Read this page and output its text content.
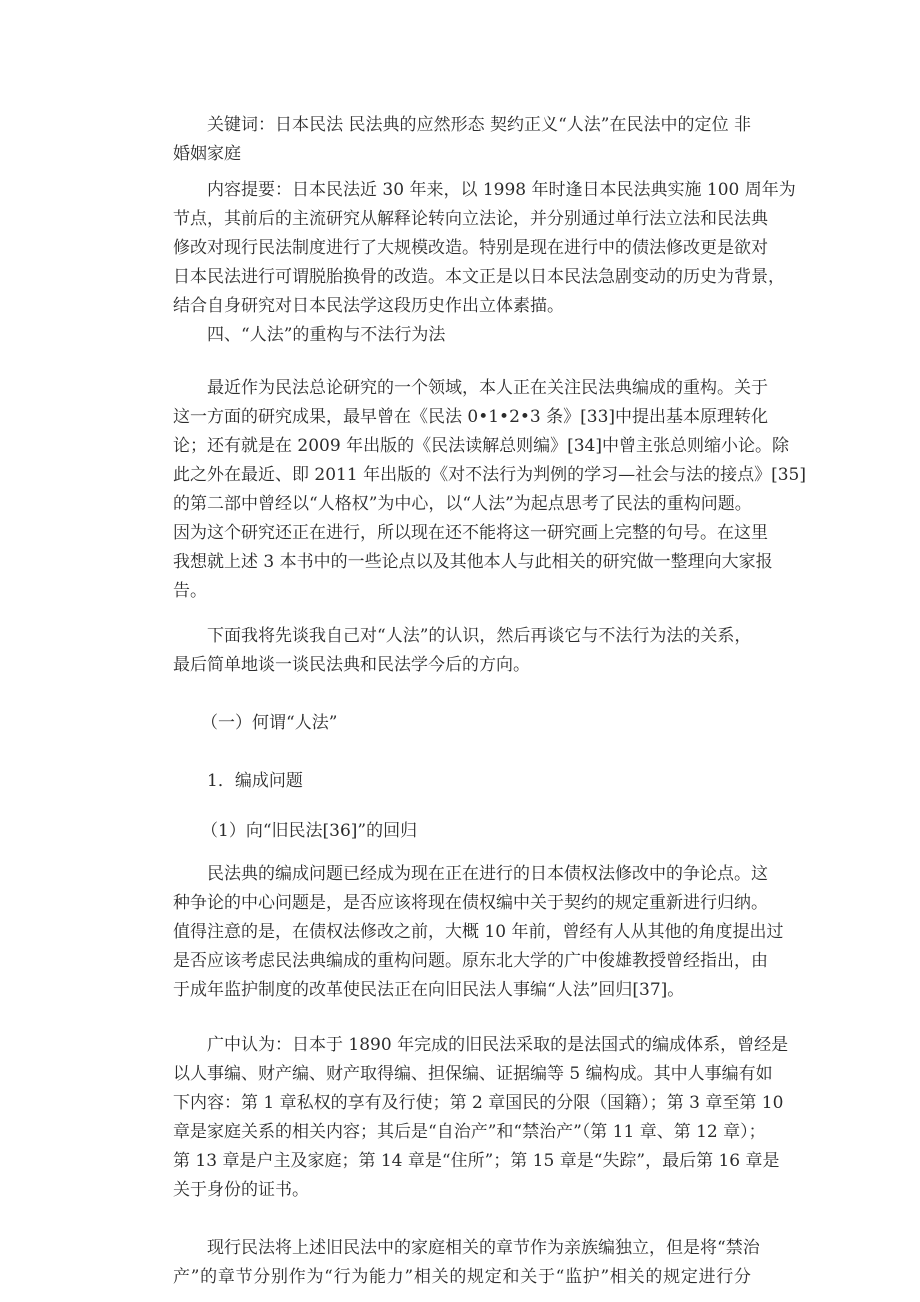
关键词：日本民法 民法典的应然形态 契约正义“人法”在民法中的定位 非
婚姻家庭
内容提要：日本民法近 30 年来，以 1998 年时逢日本民法典实施 100 周年为
节点，其前后的主流研究从解释论转向立法论，并分别通过单行法立法和民法典
修改对现行民法制度进行了大规模改造。特别是现在进行中的债法修改更是欲对
日本民法进行可谓脱胎换骨的改造。本文正是以日本民法急剧变动的历史为背景，
结合自身研究对日本民法学这段历史作出立体素描。
四、“人法”的重构与不法行为法
最近作为民法总论研究的一个领域，本人正在关注民法典编成的重构。关于
这一方面的研究成果，最早曾在《民法 0•1•2•3 条》[33]中提出基本原理转化
论；还有就是在 2009 年出版的《民法读解总则编》[34]中曾主张总则缩小论。除
此之外在最近、即 2011 年出版的《对不法行为判例的学习—社会与法的接点》[35]
的第二部中曾经以“人格权”为中心，以“人法”为起点思考了民法的重构问题。
因为这个研究还正在进行，所以现在还不能将这一研究画上完整的句号。在这里
我想就上述 3 本书中的一些论点以及其他本人与此相关的研究做一整理向大家报
告。
下面我将先谈我自己对“人法”的认识，然后再谈它与不法行为法的关系，
最后简单地谈一谈民法典和民法学今后的方向。
（一）何谓“人法”
1．编成问题
（1）向“旧民法[36]”的回归
民法典的编成问题已经成为现在正在进行的日本债权法修改中的争论点。这
种争论的中心问题是，是否应该将现在债权编中关于契约的规定重新进行归纳。
值得注意的是，在债权法修改之前，大概 10 年前，曾经有人从其他的角度提出过
是否应该考虑民法典编成的重构问题。原东北大学的广中俊雄教授曾经指出，由
于成年监护制度的改革使民法正在向旧民法人事编“人法”回归[37]。
广中认为：日本于 1890 年完成的旧民法采取的是法国式的编成体系，曾经是
以人事编、财产编、财产取得编、担保编、证据编等 5 编构成。其中人事编有如
下内容：第 1 章私权的享有及行使；第 2 章国民的分限（国籍）；第 3 章至第 10
章是家庭关系的相关内容；其后是“自治产”和“禁治产”（第 11 章、第 12 章）；
第 13 章是户主及家庭；第 14 章是“住所”；第 15 章是“失踪”，最后第 16 章是
关于身份的证书。
现行民法将上述旧民法中的家庭相关的章节作为亲族编独立，但是将“禁治
产”的章节分别作为“行为能力”相关的规定和关于“监护”相关的规定进行分
